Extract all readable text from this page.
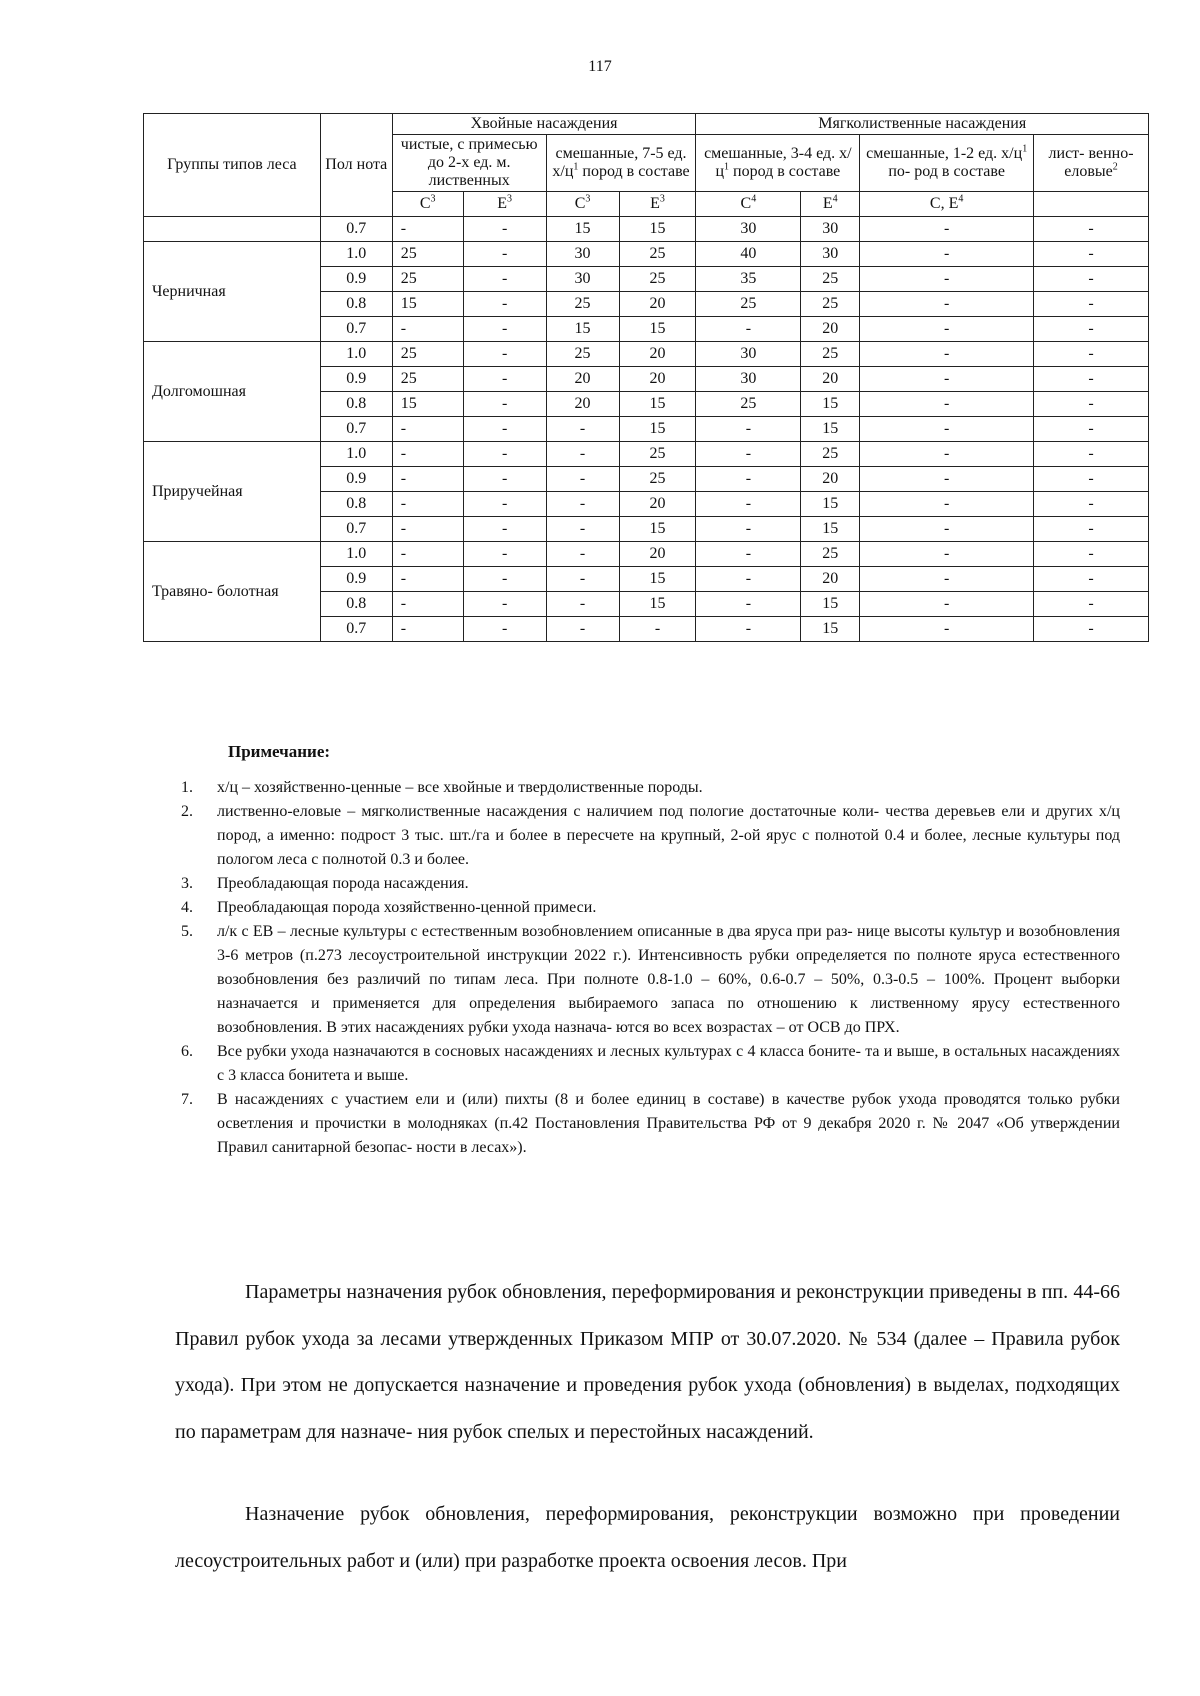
117
Группы типов леса	Пол нота	Хвойные насаждения				Мягколиственные насаждения			
		чистые, с примесью до 2-х ед. м. лиственных		смешанные, 7-5 ед. $х/ц^1$ пород в составе		смешанные, 3-4 ед. $х/ц^1$ пород в составе		смешанные, 1-2 ед. $х/ц^1$ по- род в составе	лист- венно- еловые$^2$
		$C^3$	$E^3$	$C^3$	$E^3$	$C^4$	$E^4$	C, $E^4$	
	0.7	-	-	15	15	30	30	-	-
Черничная	1.0	25	-	30	25	40	30	-	-
	0.9	25	-	30	25	35	25	-	-
	0.8	15	-	25	20	25	25	-	-
	0.7	-	-	15	15	-	20	-	-
Долгомошная	1.0	25	-	25	20	30	25	-	-
	0.9	25	-	20	20	30	20	-	-
	0.8	15	-	20	15	25	15	-	-
	0.7	-	-	-	15	-	15	-	-
Приручейная	1.0	-	-	-	25	-	25	-	-
	0.9	-	-	-	25	-	20	-	-
	0.8	-	-	-	20	-	15	-	-
	0.7	-	-	-	15	-	15	-	-
Травяно- болотная	1.0	-	-	-	20	-	25	-	-
	0.9	-	-	-	15	-	20	-	-
	0.8	-	-	-	15	-	15	-	-
	0.7	-	-	-	-	-	15	-	-
Примечание:
1. х/ц – хозяйственно-ценные – все хвойные и твердолиственные породы.
2. лиственно-еловые – мягколиственные насаждения с наличием под пологие достаточные коли- чества деревьев ели и других х/ц пород, а именно: подрост 3 тыс. шт./га и более в пересчете на крупный, 2-ой ярус с полнотой 0.4 и более, лесные культуры под пологом леса с полнотой 0.3 и более.
3. Преобладающая порода насаждения.
4. Преобладающая порода хозяйственно-ценной примеси.
5. л/к с ЕВ – лесные культуры с естественным возобновлением описанные в два яруса при раз- нице высоты культур и возобновления 3-6 метров (п.273 лесоустроительной инструкции 2022 г.). Интенсивность рубки определяется по полноте яруса естественного возобновления без различий по типам леса. При полноте 0.8-1.0 – 60%, 0.6-0.7 – 50%, 0.3-0.5 – 100%. Процент выборки назначается и применяется для определения выбираемого запаса по отношению к лиственному ярусу естественного возобновления. В этих насаждениях рубки ухода назнача- ются во всех возрастах – от ОСВ до ПРХ.
6. Все рубки ухода назначаются в сосновых насаждениях и лесных культурах с 4 класса бонитe- та и выше, в остальных насаждениях с 3 класса бонитета и выше.
7. В насаждениях с участием ели и (или) пихты (8 и более единиц в составе) в качестве рубок ухода проводятся только рубки осветления и прочистки в молодняках (п.42 Постановления Правительства РФ от 9 декабря 2020 г. № 2047 «Об утверждении Правил санитарной безопас- ности в лесах»).

Параметры назначения рубок обновления, переформирования и реконструкции приведены в пп. 44-66 Правил рубок ухода за лесами утвержденных Приказом МПР от 30.07.2020. № 534 (далее – Правила рубок ухода). При этом не допускается назначение и проведения рубок ухода (обновления) в выделах, подходящих по параметрам для назначе- ния рубок спелых и перестойных насаждений.

Назначение рубок обновления, переформирования, реконструкции возможно при проведении лесоустроительных работ и (или) при разработке проекта освоения лесов. При
